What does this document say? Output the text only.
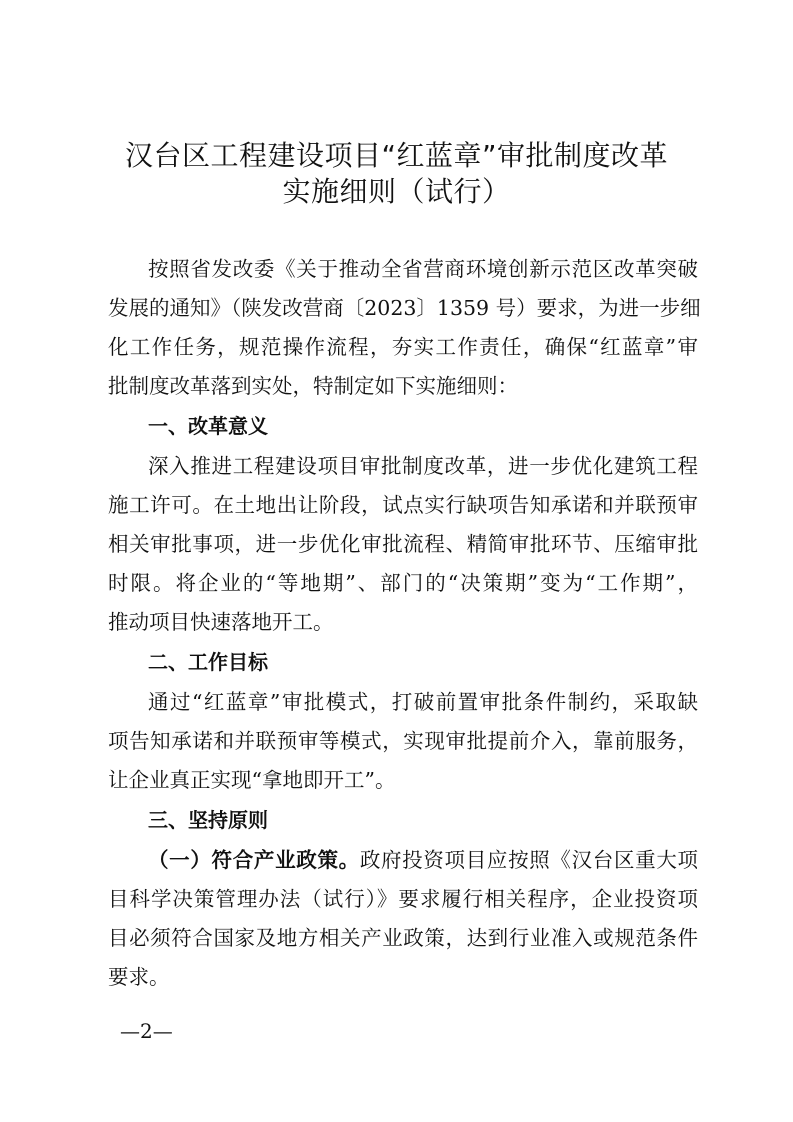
汉台区工程建设项目“红蓝章”审批制度改革
实施细则（试行）
按照省发改委《关于推动全省营商环境创新示范区改革突破
发展的通知》（陕发改营商〔2023〕1359 号）要求，为进一步细
化工作任务，规范操作流程，夯实工作责任，确保“红蓝章”审
批制度改革落到实处，特制定如下实施细则：
一、改革意义
深入推进工程建设项目审批制度改革，进一步优化建筑工程
施工许可。在土地出让阶段，试点实行缺项告知承诺和并联预审
相关审批事项，进一步优化审批流程、精简审批环节、压缩审批
时限。将企业的“等地期”、部门的“决策期”变为“工作期”，
推动项目快速落地开工。
二、工作目标
通过“红蓝章”审批模式，打破前置审批条件制约，采取缺
项告知承诺和并联预审等模式，实现审批提前介入，靠前服务，
让企业真正实现“拿地即开工”。
三、坚持原则
（一）符合产业政策。政府投资项目应按照《汉台区重大项
目科学决策管理办法（试行）》要求履行相关程序，企业投资项
目必须符合国家及地方相关产业政策，达到行业准入或规范条件
要求。
—2—
